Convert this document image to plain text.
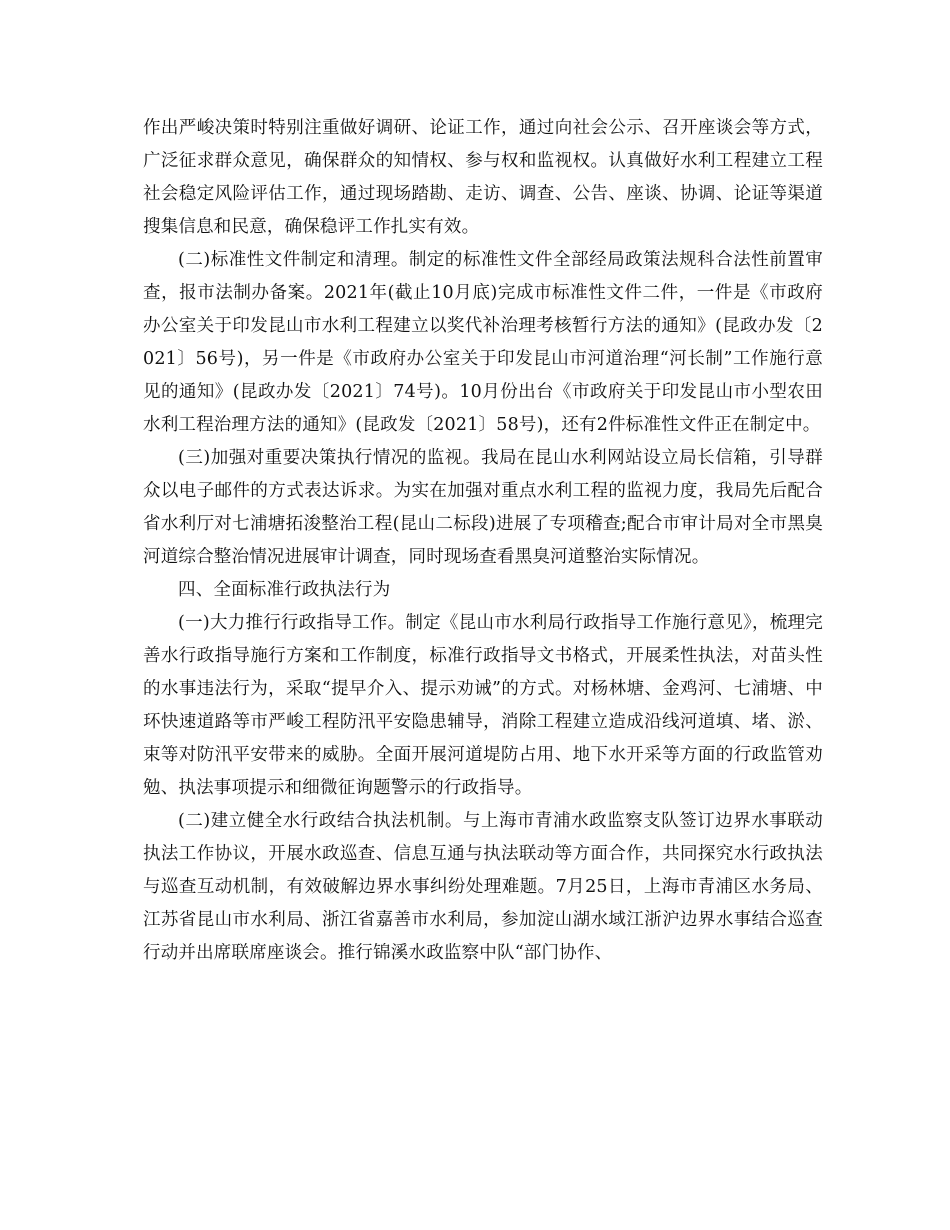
作出严峻决策时特别注重做好调研、论证工作，通过向社会公示、召开座谈会等方式，广泛征求群众意见，确保群众的知情权、参与权和监视权。认真做好水利工程建立工程社会稳定风险评估工作，通过现场踏勘、走访、调查、公告、座谈、协调、论证等渠道搜集信息和民意，确保稳评工作扎实有效。

(二)标准性文件制定和清理。制定的标准性文件全部经局政策法规科合法性前置审查，报市法制办备案。2021年(截止10月底)完成市标准性文件二件，一件是《市政府办公室关于印发昆山市水利工程建立以奖代补治理考核暂行方法的通知》(昆政办发〔2021〕56号)，另一件是《市政府办公室关于印发昆山市河道治理“河长制”工作施行意见的通知》(昆政办发〔2021〕74号)。10月份出台《市政府关于印发昆山市小型农田水利工程治理方法的通知》(昆政发〔2021〕58号)，还有2件标准性文件正在制定中。

(三)加强对重要决策执行情况的监视。我局在昆山水利网站设立局长信箱，引导群众以电子邮件的方式表达诉求。为实在加强对重点水利工程的监视力度，我局先后配合省水利厅对七浦塘拓浚整治工程(昆山二标段)进展了专项稽查;配合市审计局对全市黑臭河道综合整治情况进展审计调查，同时现场查看黑臭河道整治实际情况。

四、全面标准行政执法行为

(一)大力推行行政指导工作。制定《昆山市水利局行政指导工作施行意见》，梳理完善水行政指导施行方案和工作制度，标准行政指导文书格式，开展柔性执法，对苗头性的水事违法行为，采取“提早介入、提示劝诫”的方式。对杨林塘、金鸡河、七浦塘、中环快速道路等市严峻工程防汛平安隐患辅导，消除工程建立造成沿线河道填、堵、淤、束等对防汛平安带来的威胁。全面开展河道堤防占用、地下水开采等方面的行政监管劝勉、执法事项提示和细微征询题警示的行政指导。

(二)建立健全水行政结合执法机制。与上海市青浦水政监察支队签订边界水事联动执法工作协议，开展水政巡查、信息互通与执法联动等方面合作，共同探究水行政执法与巡查互动机制，有效破解边界水事纠纷处理难题。7月25日，上海市青浦区水务局、江苏省昆山市水利局、浙江省嘉善市水利局，参加淀山湖水域江浙沪边界水事结合巡查行动并出席联席座谈会。推行锦溪水政监察中队“部门协作、
